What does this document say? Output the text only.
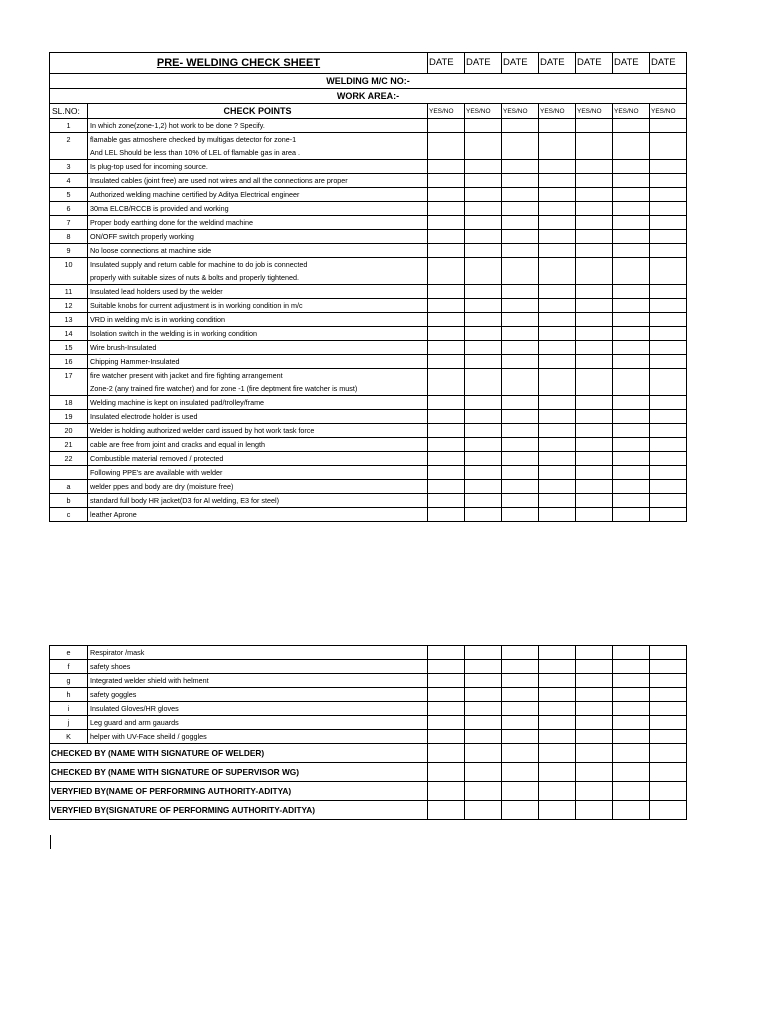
PRE- WELDING CHECK SHEET		DATE	DATE	DATE	DATE	DATE	DATE	DATE
WELDING M/C NO:-								
WORK AREA:-								
SL.NO:	CHECK POINTS	YES/NO	YES/NO	YES/NO	YES/NO	YES/NO	YES/NO	YES/NO
1	In which zone(zone-1,2) hot work to be done ? Specify.							
2	flamable gas atmoshere checked by multigas detector for zone-1							
	And LEL Should be less than 10% of LEL of flamable gas in area .							
3	Is plug-top used for incoming source.							
4	Insulated cables (joint free) are used not wires and all the connections are proper							
5	Authorized welding machine certified by Aditya Electrical engineer							
6	30ma ELCB/RCCB is provided and working							
7	Proper body earthing done for the weldind machine							
8	ON/OFF switch properly working							
9	No loose connections at machine side							
10	Insulated supply and return cable for machine to do job is connected							
	properly with suitable sizes of nuts & bolts and properly tightened.							
11	Insulated lead holders used by the welder							
12	Suitable knobs for current adjustment is in working condition in m/c							
13	VRD in welding m/c is in working condition							
14	Isolation switch in the welding is in working condition							
15	Wire brush-Insulated							
16	Chipping Hammer-Insulated							
17	fire watcher present with jacket and fire fighting arrangement							
	Zone-2 (any trained fire watcher) and for zone -1 (fire deptment fire watcher is must)							
18	Welding machine is kept on insulated pad/trolley/frame							
19	Insulated electrode holder is used							
20	Welder is holding authorized welder card issued by hot work task force							
21	cable are free from joint and cracks and equal in length							
22	Combustible material removed / protected							
	Following PPE's are available with welder							
a	welder ppes and body are dry (moisture free)							
b	standard full body HR jacket(D3 for Al welding, E3 for steel)							
c	leather Aprone							
e	Respirator /mask							
f	safety shoes							
g	Integrated welder shield with helment							
h	safety goggles							
i	Insulated Gloves/HR gloves							
j	Leg guard and arm gauards							
K	helper with UV-Face sheild / goggles							
CHECKED BY (NAME WITH SIGNATURE OF WELDER)								
CHECKED BY (NAME WITH SIGNATURE OF SUPERVISOR WG)								
VERYFIED BY(NAME OF PERFORMING AUTHORITY-ADITYA)								
VERYFIED BY(SIGNATURE OF PERFORMING AUTHORITY-ADITYA)								
